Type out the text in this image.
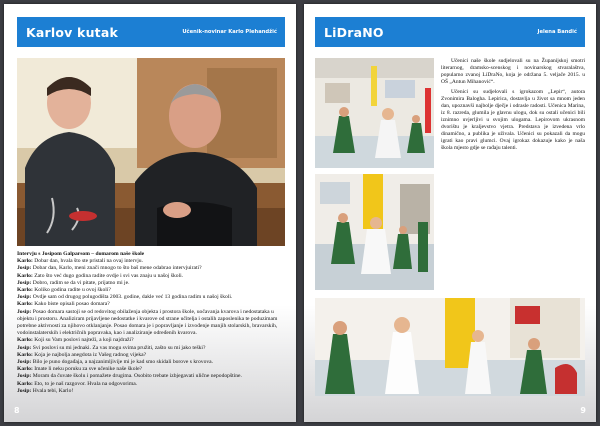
Karlov kutak	Učenik-novinar Karlo Plehandžić

Intervju s Josipom Galparsom – domarom naše škole

Karlo: Dobar dan, hvala što ste pristali na ovaj intervju.

Josip: Dobar dan, Karlo, meni znači mnogo to što baš mene odabrao intervjuirati?

Karlo: Zato što već dugo godina radite ovdje i svi vas znaju u našoj školi.

Josip: Dobro, radim se da vi pitate, prijatno mi je.

Karlo: Koliko godina radite u ovoj školi?

Josip: Ovdje sam od drugog polugodišta 2003. godine, dakle već 13 godina radim u našoj školi.

Karlo: Kako biste opisali posao domara?

Josip: Posao domara sastoji se od redovitog obilaženja objekta i prostora škole, uočavanja kvarova i nedostataka u objektu i prostoru. Analiziram prijavljene nedostatke i kvarove od strane učitelja i ostalih zaposlenika te poduzimam potrebne aktivnosti za njihovo otklanjanje. Posao domara je i popravljanje i izvođenje manjih stolarskih, bravarskih, vodoinstalaterskih i električnih popravaka, kao i analiziranje određenih kvarova.

Karlo: Koji su Vam poslovi najteži, a koji najdraži?

Josip: Svi poslovi su mi jednaki. Za vas mogu svima pružiti, zašto su mi jako teški?

Karlo: Koja je najbolja anegdota iz Vašeg radnog vijeka?

Josip: Bilo je puno događaja, a najzanimljivije mi je kad smo skidali borove s krovova.

Karlo: Imate li neku poruku za sve učenike naše škole?

Josip: Moram da čuvate školu i pomažete drugima. Osobito trebate izbjegavati ulične nepodopštine.

Karlo: Eto, to je naš razgovor. Hvala na odgovorima.

Josip: Hvala tebi, Karlo!

8
LiDraNO	Jelena Bandić

Učenici naše škole sudjelovali su na Županijskoj smotri literarnog, dramsko-scenskog i novinarskog stvaralaštva, popularno zvanoj LiDraNo, koja je održana 5. veljače 2015. u OŠ „Antun Mihanović“.

Učenici su sudjelovali s igrokazom „Lepir“, autora Zvonimira Balogha. Lepirica, dostavlja u život sa mnom jeden dan, upoznavši najbolje dječje i odrasle radosti. Učenica Marina, iz 8. razreda, glumila je glavnu ulogu, dok su ostali učenici bili iznimno uvjerljivi u svojim ulogama. Lepirovom ukrasnom dvorištu je kraljevstvo vjetra. Predstava je izvedena vrlo dinamično, a publika je uživala. Učenici su pokazali da mogu igrati kao pravi glumci. Ovaj igrokaz dokazuje kako je naša škola mjesto gdje se rađaju talenti.

9
